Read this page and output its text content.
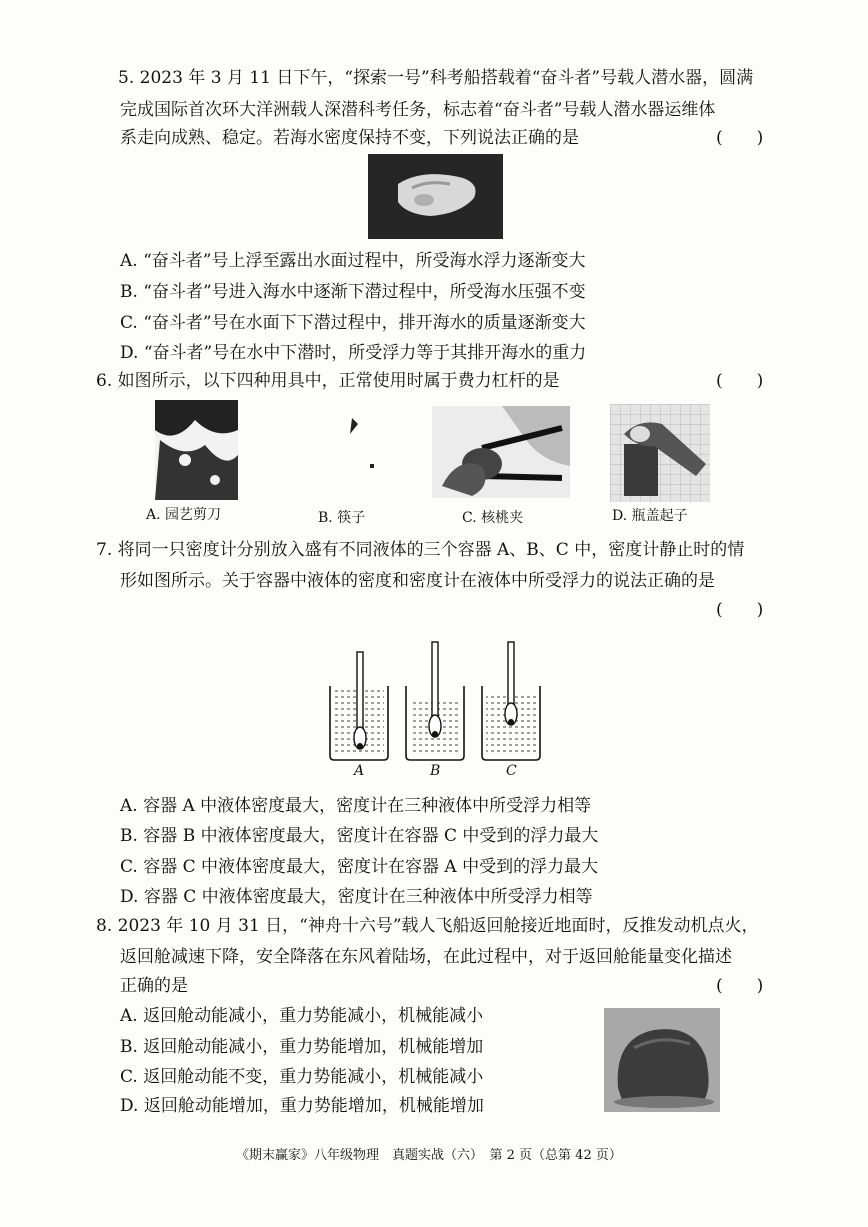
5. 2023 年 3 月 11 日下午，“探索一号”科考船搭载着“奋斗者”号载人潜水器，圆满
完成国际首次环大洋洲载人深潜科考任务，标志着“奋斗者”号载人潜水器运维体
系走向成熟、稳定。若海水密度保持不变，下列说法正确的是	(　　)
A. “奋斗者”号上浮至露出水面过程中，所受海水浮力逐渐变大
B. “奋斗者”号进入海水中逐渐下潜过程中，所受海水压强不变
C. “奋斗者”号在水面下下潜过程中，排开海水的质量逐渐变大
D. “奋斗者”号在水中下潜时，所受浮力等于其排开海水的重力
6. 如图所示，以下四种用具中，正常使用时属于费力杠杆的是	(　　)
A. 园艺剪刀	B. 筷子	C. 核桃夹	D. 瓶盖起子
7. 将同一只密度计分别放入盛有不同液体的三个容器 A、B、C 中，密度计静止时的情
形如图所示。关于容器中液体的密度和密度计在液体中所受浮力的说法正确的是
(　　)
A	B	C
A. 容器 A 中液体密度最大，密度计在三种液体中所受浮力相等
B. 容器 B 中液体密度最大，密度计在容器 C 中受到的浮力最大
C. 容器 C 中液体密度最大，密度计在容器 A 中受到的浮力最大
D. 容器 C 中液体密度最大，密度计在三种液体中所受浮力相等
8. 2023 年 10 月 31 日，“神舟十六号”载人飞船返回舱接近地面时，反推发动机点火，
返回舱减速下降，安全降落在东风着陆场，在此过程中，对于返回舱能量变化描述
正确的是	(　　)
A. 返回舱动能减小，重力势能减小，机械能减小
B. 返回舱动能减小，重力势能增加，机械能增加
C. 返回舱动能不变，重力势能减小，机械能减小
D. 返回舱动能增加，重力势能增加，机械能增加
《期末赢家》八年级物理　真题实战（六）　第 2 页（总第 42 页）
